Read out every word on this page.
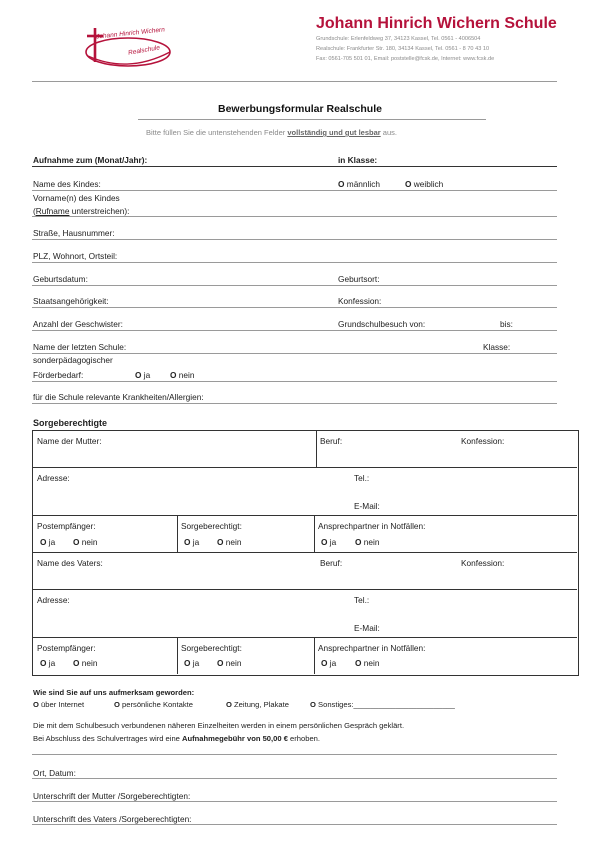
Johann Hinrich Wichern
Realschule
Johann Hinrich Wichern Schule
Grundschule: Erlenfeldweg 37, 34123 Kassel, Tel. 0561 - 4006504
Realschule: Frankfurter Str. 180, 34134 Kassel, Tel. 0561 - 8 70 43 10
Fax: 0561-705 501 01, Email: poststelle@fcsk.de, Internet: www.fcsk.de
Bewerbungsformular Realschule
Bitte füllen Sie die untenstehenden Felder vollständig und gut lesbar aus.
Aufnahme zum (Monat/Jahr):	in Klasse:
Name des Kindes:	O männlich	O weiblich
Vorname(n) des Kindes
(Rufname unterstreichen):
Straße, Hausnummer:
PLZ, Wohnort, Ortsteil:
Geburtsdatum:	Geburtsort:
Staatsangehörigkeit:	Konfession:
Anzahl der Geschwister:	Grundschulbesuch von:	bis:
Name der letzten Schule:	Klasse:
sonderpädagogischer
Förderbedarf:	O ja O nein
für die Schule relevante Krankheiten/Allergien:
Sorgeberechtigte
Name der Mutter:	Beruf:	Konfession:
Adresse:	Tel.:
E-Mail:
Postempfänger:	Sorgeberechtigt:	Ansprechpartner in Notfällen:
O ja O nein	O ja O nein	O ja O nein
Name des Vaters:	Beruf:	Konfession:
Adresse:	Tel.:
E-Mail:
Postempfänger:	Sorgeberechtigt:	Ansprechpartner in Notfällen:
O ja O nein	O ja O nein	O ja O nein
Wie sind Sie auf uns aufmerksam geworden:
O über Internet	O persönliche Kontakte	O Zeitung, Plakate	O Sonstiges:________________________
Die mit dem Schulbesuch verbundenen näheren Einzelheiten werden in einem persönlichen Gespräch geklärt.
Bei Abschluss des Schulvertrages wird eine Aufnahmegebühr von 50,00 € erhoben.
Ort, Datum:
Unterschrift der Mutter /Sorgeberechtigten:
Unterschrift des Vaters /Sorgeberechtigten:
